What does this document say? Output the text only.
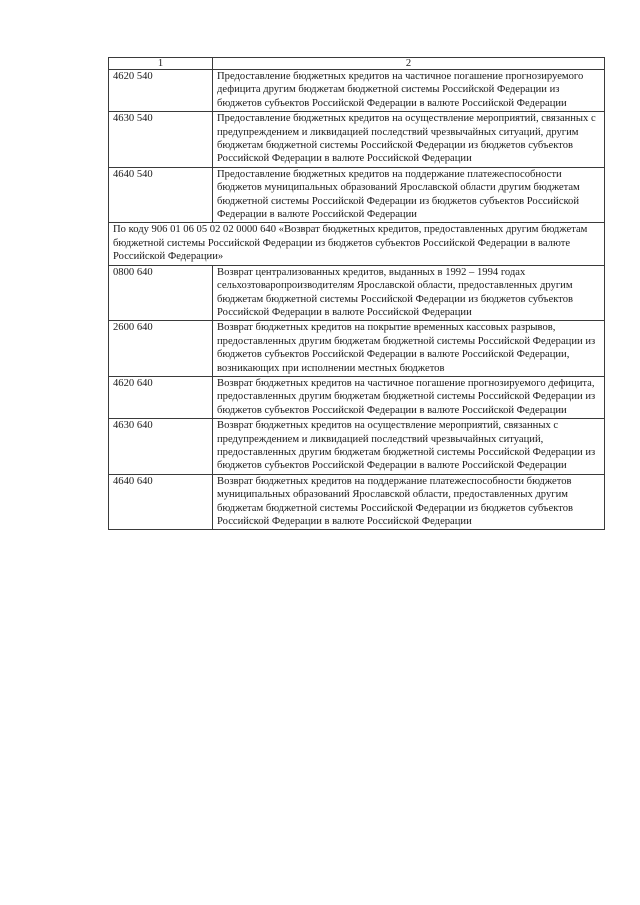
1	2
4620 540	Предоставление бюджетных кредитов на частичное погашение прогнозируемого дефицита другим бюджетам бюджетной системы Российской Федерации из бюджетов субъектов Российской Федерации в валюте Российской Федерации
4630 540	Предоставление бюджетных кредитов на осуществление мероприятий, связанных с предупреждением и ликвидацией последствий чрезвычайных ситуаций, другим бюджетам бюджетной системы Российской Федерации из бюджетов субъектов Российской Федерации в валюте Российской Федерации
4640 540	Предоставление бюджетных кредитов на поддержание платежеспособности бюджетов муниципальных образований Ярославской области другим бюджетам бюджетной системы Российской Федерации из бюджетов субъектов Российской Федерации в валюте Российской Федерации
По коду 906 01 06 05 02 02 0000 640 «Возврат бюджетных кредитов, предоставленных другим бюджетам бюджетной системы Российской Федерации из бюджетов субъектов Российской Федерации в валюте Российской Федерации»	
0800 640	Возврат централизованных кредитов, выданных в 1992 – 1994 годах сельхозтоваропроизводителям Ярославской области, предоставленных другим бюджетам бюджетной системы Российской Федерации из бюджетов субъектов Российской Федерации в валюте Российской Федерации
2600 640	Возврат бюджетных кредитов на покрытие временных кассовых разрывов, предоставленных другим бюджетам бюджетной системы Российской Федерации из бюджетов субъектов Российской Федерации в валюте Российской Федерации, возникающих при исполнении местных бюджетов
4620 640	Возврат бюджетных кредитов на частичное погашение прогнозируемого дефицита, предоставленных другим бюджетам бюджетной системы Российской Федерации из бюджетов субъектов Российской Федерации в валюте Российской Федерации
4630 640	Возврат бюджетных кредитов на осуществление мероприятий, связанных с предупреждением и ликвидацией последствий чрезвычайных ситуаций, предоставленных другим бюджетам бюджетной системы Российской Федерации из бюджетов субъектов Российской Федерации в валюте Российской Федерации
4640 640	Возврат бюджетных кредитов на поддержание платежеспособности бюджетов муниципальных образований Ярославской области, предоставленных другим бюджетам бюджетной системы Российской Федерации из бюджетов субъектов Российской Федерации в валюте Российской Федерации
